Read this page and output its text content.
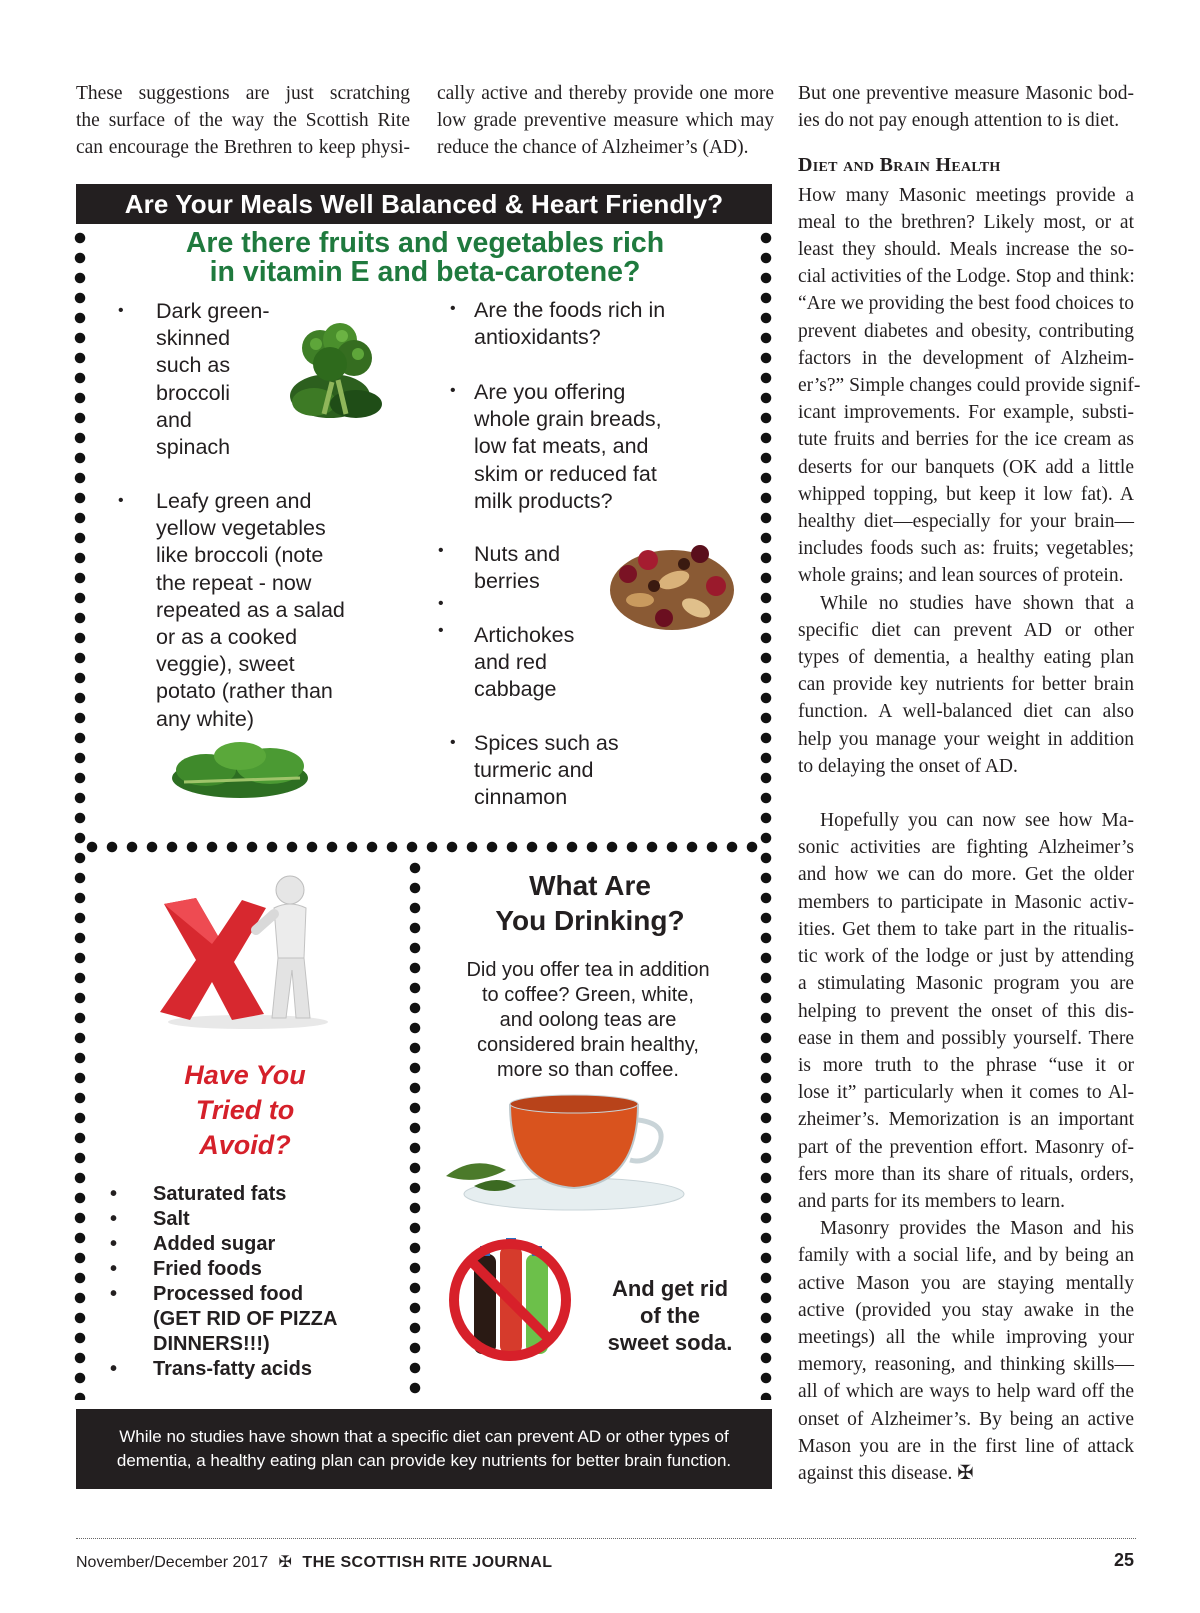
These suggestions are just scratching
the surface of the way the Scottish Rite
can encourage the Brethren to keep physi-
cally active and thereby provide one more
low grade preventive measure which may
reduce the chance of Alzheimer’s (AD).
Are Your Meals Well Balanced & Heart Friendly?
Are there fruits and vegetables rich
in vitamin E and beta-carotene?
• Dark green-
skinned
such as
broccoli
and
spinach
• Leafy green and
yellow vegetables
like broccoli (note
the repeat - now
repeated as a salad
or as a cooked
veggie), sweet
potato (rather than
any white)
• Are the foods rich in
antioxidants?
• Are you offering
whole grain breads,
low fat meats, and
skim or reduced fat
milk products?
• Nuts and
berries
•
• Artichokes
and red
cabbage
• Spices such as
turmeric and
cinnamon
Have You
Tried to
Avoid?
• Saturated fats
• Salt
• Added sugar
• Fried foods
• Processed food
(GET RID OF PIZZA
DINNERS!!!)
• Trans-fatty acids
What Are
You Drinking?
Did you offer tea in addition
to coffee? Green, white,
and oolong teas are
considered brain healthy,
more so than coffee.
And get rid
of the
sweet soda.
While no studies have shown that a specific diet can prevent AD or other types of dementia, a healthy eating plan can provide key nutrients for better brain function.

But one preventive measure Masonic bod-
ies do not pay enough attention to is diet.

Diet and Brain Health

How many Masonic meetings provide a
meal to the brethren? Likely most, or at
least they should. Meals increase the so-
cial activities of the Lodge. Stop and think:
“Are we providing the best food choices to
prevent diabetes and obesity, contributing
factors in the development of Alzheim-
er’s?” Simple changes could provide signif-
icant improvements. For example, substi-
tute fruits and berries for the ice cream as
deserts for our banquets (OK add a little
whipped topping, but keep it low fat). A
healthy diet—especially for your brain—
includes foods such as: fruits; vegetables;
whole grains; and lean sources of protein.

While no studies have shown that a
specific diet can prevent AD or other
types of dementia, a healthy eating plan
can provide key nutrients for better brain
function. A well-balanced diet can also
help you manage your weight in addition
to delaying the onset of AD.

Hopefully you can now see how Ma-
sonic activities are fighting Alzheimer’s
and how we can do more. Get the older
members to participate in Masonic activ-
ities. Get them to take part in the ritualis-
tic work of the lodge or just by attending
a stimulating Masonic program you are
helping to prevent the onset of this dis-
ease in them and possibly yourself. There
is more truth to the phrase “use it or
lose it” particularly when it comes to Al-
zheimer’s. Memorization is an important
part of the prevention effort. Masonry of-
fers more than its share of rituals, orders,
and parts for its members to learn.

Masonry provides the Mason and his
family with a social life, and by being an
active Mason you are staying mentally
active (provided you stay awake in the
meetings) all the while improving your
memory, reasoning, and thinking skills—
all of which are ways to help ward off the
onset of Alzheimer’s. By being an active
Mason you are in the first line of attack
against this disease. ✠

November/December 2017 ✠ THE SCOTTISH RITE JOURNAL	25
